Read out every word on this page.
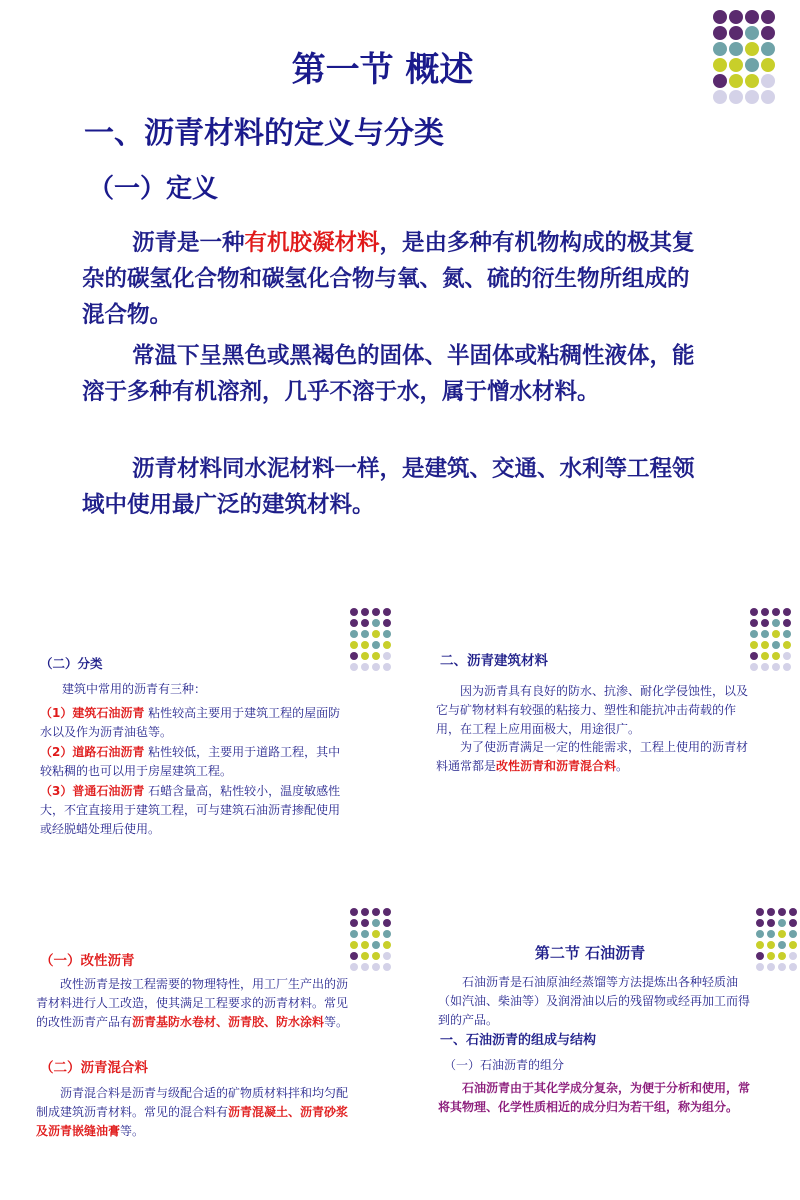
第一节 概述
一、沥青材料的定义与分类
（一）定义

沥青是一种有机胶凝材料，是由多种有机物构成的极其复杂的碳氢化合物和碳氢化合物与氧、氮、硫的衍生物所组成的混合物。

常温下呈黑色或黑褐色的固体、半固体或粘稠性液体，能溶于多种有机溶剂，几乎不溶于水，属于憎水材料。

沥青材料同水泥材料一样，是建筑、交通、水利等工程领域中使用最广泛的建筑材料。

（二）分类

建筑中常用的沥青有三种：

（1）建筑石油沥青 粘性较高主要用于建筑工程的屋面防水以及作为沥青油毡等。

（2）道路石油沥青 粘性较低，主要用于道路工程，其中较粘稠的也可以用于房屋建筑工程。

（3）普通石油沥青 石蜡含量高，粘性较小，温度敏感性大，不宜直接用于建筑工程，可与建筑石油沥青掺配使用或经脱蜡处理后使用。

二、沥青建筑材料

因为沥青具有良好的防水、抗渗、耐化学侵蚀性，以及它与矿物材料有较强的粘接力、塑性和能抗冲击荷载的作用，在工程上应用面极大，用途很广。

为了使沥青满足一定的性能需求，工程上使用的沥青材料通常都是改性沥青和沥青混合料。

（一）改性沥青

改性沥青是按工程需要的物理特性，用工厂生产出的沥青材料进行人工改造，使其满足工程要求的沥青材料。常见的改性沥青产品有沥青基防水卷材、沥青胶、防水涂料等。

（二）沥青混合料

沥青混合料是沥青与级配合适的矿物质材料拌和均匀配制成建筑沥青材料。常见的混合料有沥青混凝土、沥青砂浆及沥青嵌缝油膏等。

第二节 石油沥青

石油沥青是石油原油经蒸馏等方法提炼出各种轻质油（如汽油、柴油等）及润滑油以后的残留物或经再加工而得到的产品。

一、石油沥青的组成与结构

（一）石油沥青的组分

石油沥青由于其化学成分复杂，为便于分析和使用，常将其物理、化学性质相近的成分归为若干组，称为组分。
